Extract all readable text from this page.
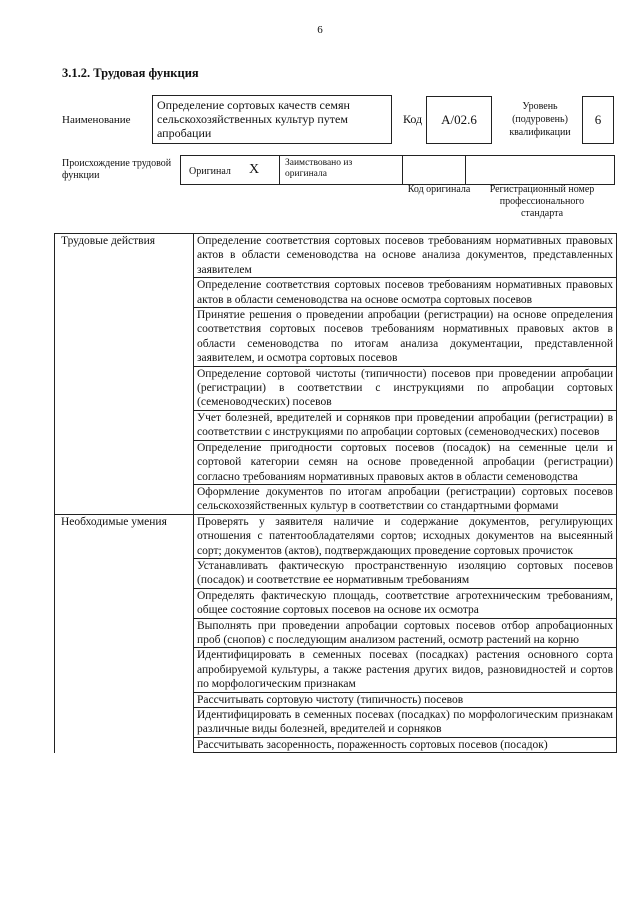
6
3.1.2. Трудовая функция
Наименование
Определение сортовых качеств семян сельскохозяйственных культур путем апробации
Код А/02.6
Уровень (подуровень) квалификации
6
Происхождение трудовой функции	Оригинал Х	Заимствовано из оригинала
Код оригинала	Регистрационный номер профессионального стандарта
Трудовые действия	Определение соответствия сортовых посевов требованиям нормативных правовых актов в области семеноводства на основе анализа документов, представленных заявителем
	Определение соответствия сортовых посевов требованиям нормативных правовых актов в области семеноводства на основе осмотра сортовых посевов
	Принятие решения о проведении апробации (регистрации) на основе определения соответствия сортовых посевов требованиям нормативных правовых актов в области семеноводства по итогам анализа документации, представленной заявителем, и осмотра сортовых посевов
	Определение сортовой чистоты (типичности) посевов при проведении апробации (регистрации) в соответствии с инструкциями по апробации сортовых (семеноводческих) посевов
	Учет болезней, вредителей и сорняков при проведении апробации (регистрации) в соответствии с инструкциями по апробации сортовых (семеноводческих) посевов
	Определение пригодности сортовых посевов (посадок) на семенные цели и сортовой категории семян на основе проведенной апробации (регистрации) согласно требованиям нормативных правовых актов в области семеноводства
	Оформление документов по итогам апробации (регистрации) сортовых посевов сельскохозяйственных культур в соответствии со стандартными формами
Необходимые умения	Проверять у заявителя наличие и содержание документов, регулирующих отношения с патентообладателями сортов; исходных документов на высеянный сорт; документов (актов), подтверждающих проведение сортовых прочисток
	Устанавливать фактическую пространственную изоляцию сортовых посевов (посадок) и соответствие ее нормативным требованиям
	Определять фактическую площадь, соответствие агротехническим требованиям, общее состояние сортовых посевов на основе их осмотра
	Выполнять при проведении апробации сортовых посевов отбор апробационных проб (снопов) с последующим анализом растений, осмотр растений на корню
	Идентифицировать в семенных посевах (посадках) растения основного сорта апробируемой культуры, а также растения других видов, разновидностей и сортов по морфологическим признакам
	Рассчитывать сортовую чистоту (типичность) посевов
	Идентифицировать в семенных посевах (посадках) по морфологическим признакам различные виды болезней, вредителей и сорняков
	Рассчитывать засоренность, пораженность сортовых посевов (посадок)
